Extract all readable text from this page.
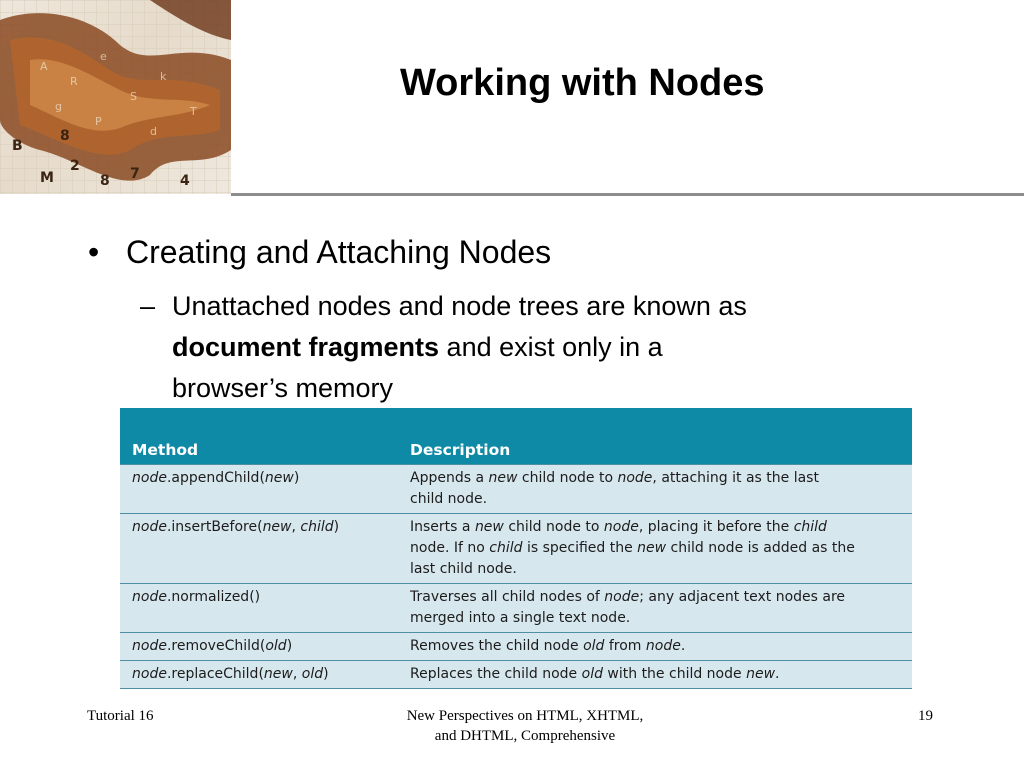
B
M
2
8 7
8
4
A
R
e
S
k
T
g
P
d
Working with Nodes
• Creating and Attaching Nodes
– Unattached nodes and node trees are known as
document fragments and exist only in a
browser’s memory
Method	Description
node.appendChild(new)	Appends a new child node to node, attaching it as the last
child node.

node.insertBefore(new, child)	Inserts a new child node to node, placing it before the child
node. If no child is specified the new child node is added as the
last child node.

node.normalized()	Traverses all child nodes of node; any adjacent text nodes are
merged into a single text node.

node.removeChild(old)	Removes the child node old from node.

node.replaceChild(new, old)	Replaces the child node old with the child node new.
Tutorial 16	New Perspectives on HTML, XHTML,
and DHTML, Comprehensive
19
